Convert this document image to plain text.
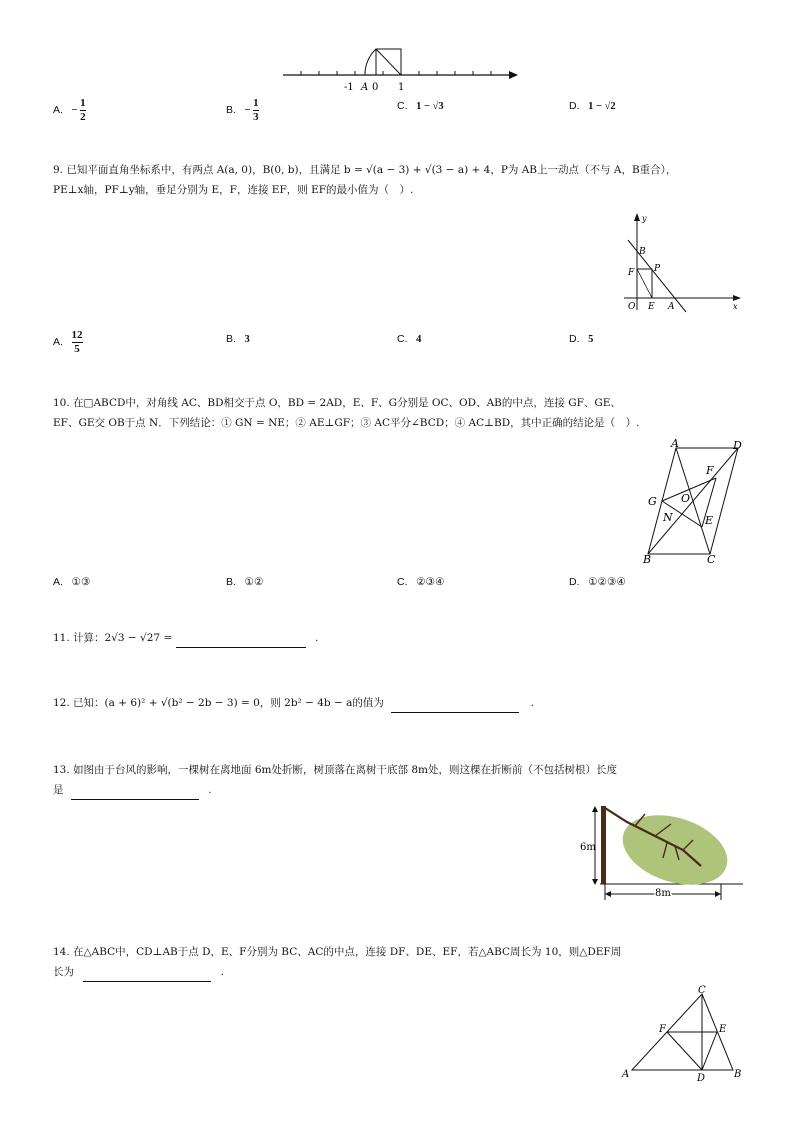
-1 A 0 1
A. − $\frac{1}{2}$	B. − $\frac{1}{3}$	C. 1 − √3	D. 1 − √2
9. 已知平面直角坐标系中，有两点 A(a, 0)，B(0, b)，且满足 b = √(a − 3) + √(3 − a) + 4，P为 AB上一动点（不与 A，B重合），
PE⊥x轴，PF⊥y轴，垂足分别为 E，F，连接 EF，则 EF的最小值为（　）.
y
B
F P
O E A	x
A. $\frac{12}{5}$	B. 3	C. 4	D. 5
10. 在□ABCD中，对角线 AC、BD相交于点 O，BD = 2AD，E、F、G分别是 OC、OD、AB的中点，连接 GF、GE、
EF、GE交 OB于点 N．下列结论：① GN = NE；② AE⊥GF；③ AC平分∠BCD；④ AC⊥BD，其中正确的结论是（　）.
A	D
F
G O
N	E
B	C
A. ①③	B. ①②	C. ②③④	D. ①②③④
11. 计算：2√3 − √27 =	.
12. 已知：(a + 6)² + √(b² − 2b − 3) = 0，则 2b² − 4b − a的值为	.
13. 如图由于台风的影响，一棵树在离地面 6m处折断，树顶落在离树干底部 8m处，则这棵在折断前（不包括树根）长度
是	.
6m
8m
14. 在△ABC中，CD⊥AB于点 D，E、F分别为 BC、AC的中点，连接 DF、DE、EF，若△ABC周长为 10，则△DEF周
长为	.
C
F	E
A	D	B
